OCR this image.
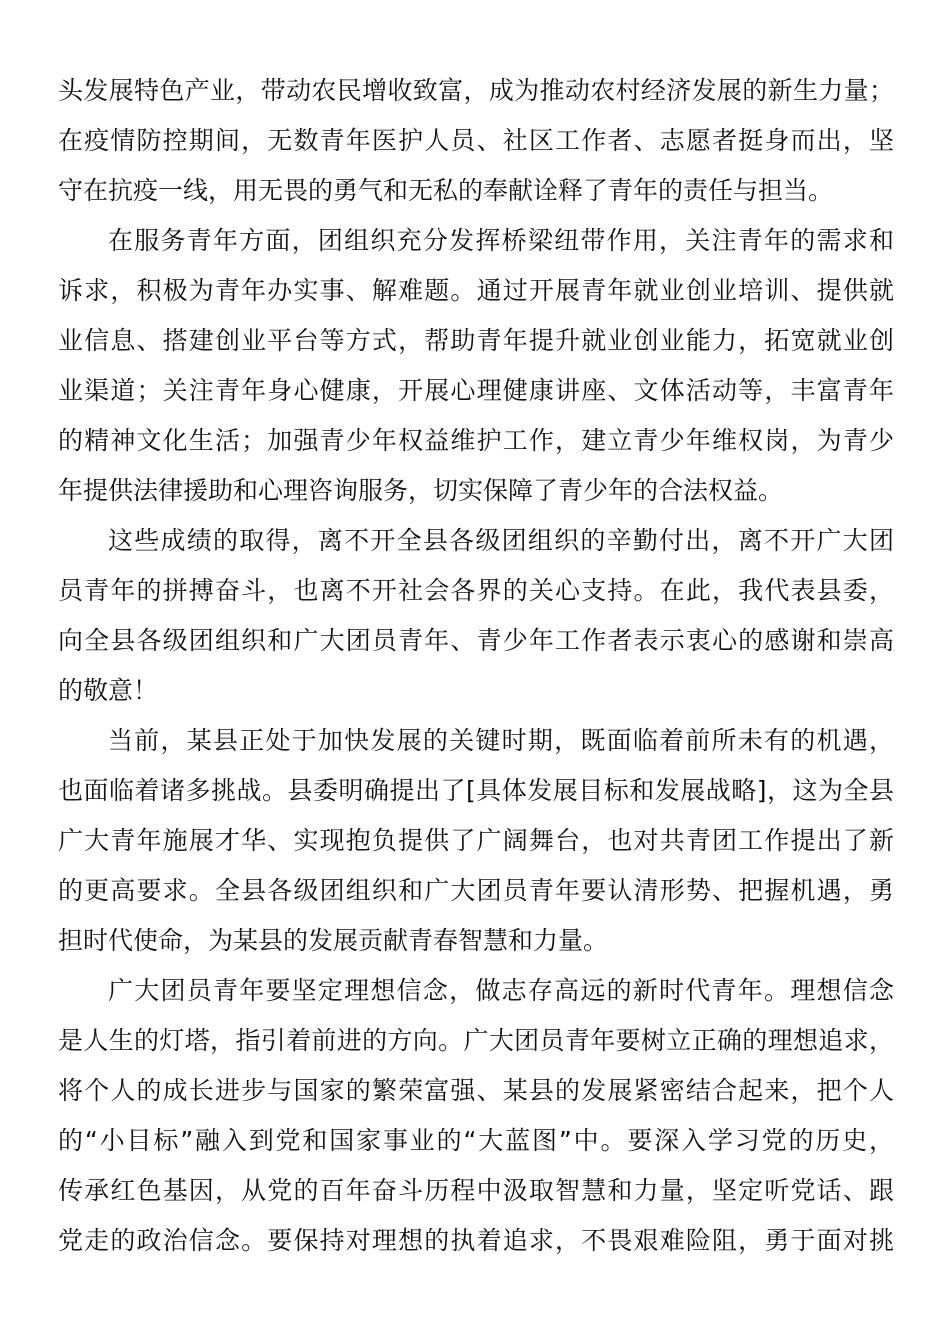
头发展特色产业，带动农民增收致富，成为推动农村经济发展的新生力量；
在疫情防控期间，无数青年医护人员、社区工作者、志愿者挺身而出，坚
守在抗疫一线，用无畏的勇气和无私的奉献诠释了青年的责任与担当。
在服务青年方面，团组织充分发挥桥梁纽带作用，关注青年的需求和
诉求，积极为青年办实事、解难题。通过开展青年就业创业培训、提供就
业信息、搭建创业平台等方式，帮助青年提升就业创业能力，拓宽就业创
业渠道；关注青年身心健康，开展心理健康讲座、文体活动等，丰富青年
的精神文化生活；加强青少年权益维护工作，建立青少年维权岗，为青少
年提供法律援助和心理咨询服务，切实保障了青少年的合法权益。
这些成绩的取得，离不开全县各级团组织的辛勤付出，离不开广大团
员青年的拼搏奋斗，也离不开社会各界的关心支持。在此，我代表县委，
向全县各级团组织和广大团员青年、青少年工作者表示衷心的感谢和崇高
的敬意！
当前，某县正处于加快发展的关键时期，既面临着前所未有的机遇，
也面临着诸多挑战。县委明确提出了[具体发展目标和发展战略]，这为全县
广大青年施展才华、实现抱负提供了广阔舞台，也对共青团工作提出了新
的更高要求。全县各级团组织和广大团员青年要认清形势、把握机遇，勇
担时代使命，为某县的发展贡献青春智慧和力量。
广大团员青年要坚定理想信念，做志存高远的新时代青年。理想信念
是人生的灯塔，指引着前进的方向。广大团员青年要树立正确的理想追求，
将个人的成长进步与国家的繁荣富强、某县的发展紧密结合起来，把个人
的“小目标”融入到党和国家事业的“大蓝图”中。要深入学习党的历史，
传承红色基因，从党的百年奋斗历程中汲取智慧和力量，坚定听党话、跟
党走的政治信念。要保持对理想的执着追求，不畏艰难险阻，勇于面对挑
